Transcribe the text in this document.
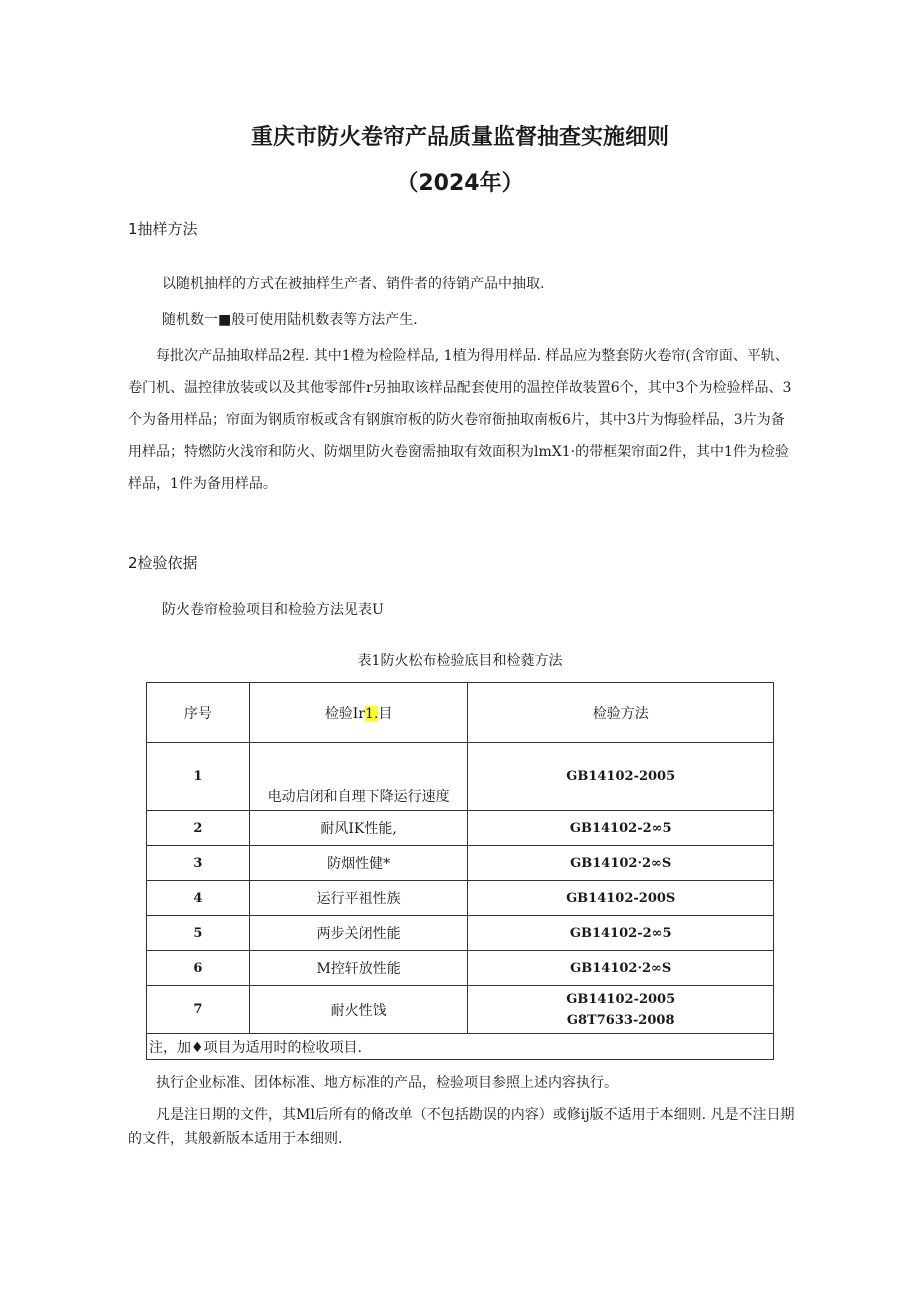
重庆市防火卷帘产品质量监督抽查实施细则
（2024年）
1抽样方法
以随机抽样的方式在被抽样生产者、销件者的待销产品中抽取.
随机数一■般可使用陆机数表等方法产生.

每批次产品抽取样品2程. 其中1橙为检险样品, 1植为得用样品. 样品应为整套防火卷帘(含帘面、平轨、卷门机、温控律放装或以及其他零部件r另抽取该样品配套使用的温控佯故装置6个，其中3个为检验样品、3个为备用样品；帘面为钢质帘板或含有钢旗帘板的防火卷帘衙抽取南板6片，其中3片为悔验样品，3片为备用样品；特燃防火浅帘和防火、防烟里防火卷窗需抽取有效面积为lmX1·的带框架帘面2件，其中1件为检验样品，1件为备用样品。

2检验依据
防火卷帘检验项目和检验方法见表U
表1防火松布检验底目和检蕤方法
序号	检验Ir1.目	检验方法
1	电动启闭和自理下降运行速度	GB14102-2005
2	耐风IK性能,	GB14102-2∞5
3	防烟性健*	GB14102·2∞S
4	运行平祖性族	GB14102-200S
5	两步关闭性能	GB14102-2∞5
6	M控轩放性能	GB14102·2∞S
7	耐火性饯	GB14102-2005
G8T7633-2008

注，加♦项目为适用时的检收项目.		

执行企业标准、团体标准、地方标准的产品，检验项目参照上述内容执行。

凡是注日期的文件，其Ml后所有的脩改单（不包括勘误的内容）或修ij版不适用于本细则. 凡是不注日期的文件，其般新版本适用于本细则.
